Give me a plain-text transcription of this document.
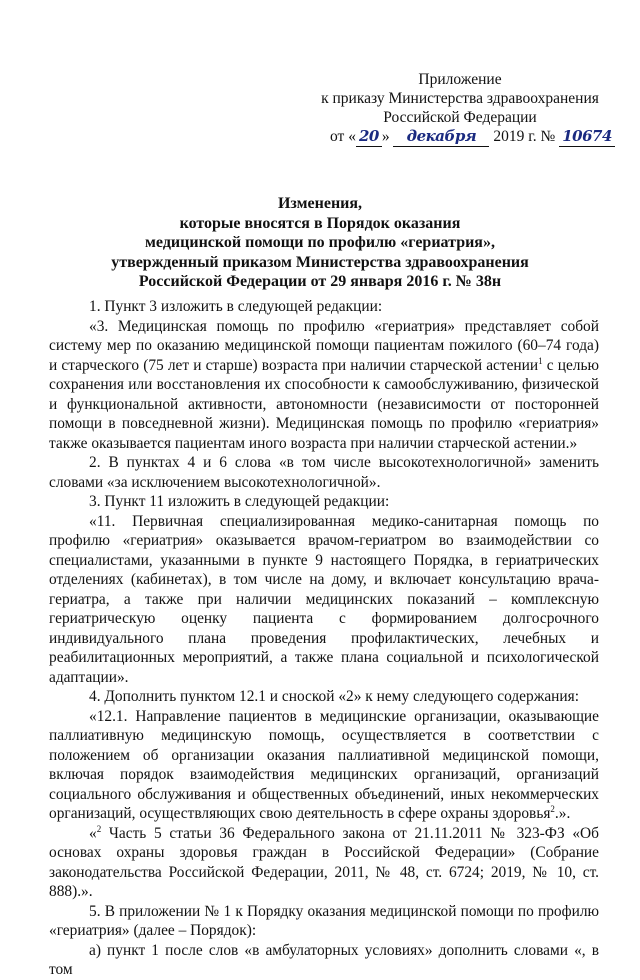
Приложение
к приказу Министерства здравоохранения
Российской Федерации
от « 20 » декабря 2019 г. № 10674
Изменения,
которые вносятся в Порядок оказания
медицинской помощи по профилю «гериатрия»,
утвержденный приказом Министерства здравоохранения
Российской Федерации от 29 января 2016 г. № 38н

1. Пункт 3 изложить в следующей редакции:

«3. Медицинская помощь по профилю «гериатрия» представляет собой систему мер по оказанию медицинской помощи пациентам пожилого (60–74 года) и старческого (75 лет и старше) возраста при наличии старческой астении$^1$ с целью сохранения или восстановления их способности к самообслуживанию, физической и функциональной активности, автономности (независимости от посторонней помощи в повседневной жизни). Медицинская помощь по профилю «гериатрия» также оказывается пациентам иного возраста при наличии старческой астении.»

2. В пунктах 4 и 6 слова «в том числе высокотехнологичной» заменить словами «за исключением высокотехнологичной».

3. Пункт 11 изложить в следующей редакции:

«11. Первичная специализированная медико-санитарная помощь по профилю «гериатрия» оказывается врачом-гериатром во взаимодействии со специалистами, указанными в пункте 9 настоящего Порядка, в гериатрических отделениях (кабинетах), в том числе на дому, и включает консультацию врача-гериатра, а также при наличии медицинских показаний – комплексную гериатрическую оценку пациента с формированием долгосрочного индивидуального плана проведения профилактических, лечебных и реабилитационных мероприятий, а также плана социальной и психологической адаптации».

4. Дополнить пунктом 12.1 и сноской «2» к нему следующего содержания:

«12.1. Направление пациентов в медицинские организации, оказывающие паллиативную медицинскую помощь, осуществляется в соответствии с положением об организации оказания паллиативной медицинской помощи, включая порядок взаимодействия медицинских организаций, организаций социального обслуживания и общественных объединений, иных некоммерческих организаций, осуществляющих свою деятельность в сфере охраны здоровья$^2$.».

«$^2$ Часть 5 статьи 36 Федерального закона от 21.11.2011 № 323-ФЗ «Об основах охраны здоровья граждан в Российской Федерации» (Собрание законодательства Российской Федерации, 2011, № 48, ст. 6724; 2019, № 10, ст. 888).».

5. В приложении № 1 к Порядку оказания медицинской помощи по профилю «гериатрия» (далее – Порядок):

а) пункт 1 после слов «в амбулаторных условиях» дополнить словами «, в том
